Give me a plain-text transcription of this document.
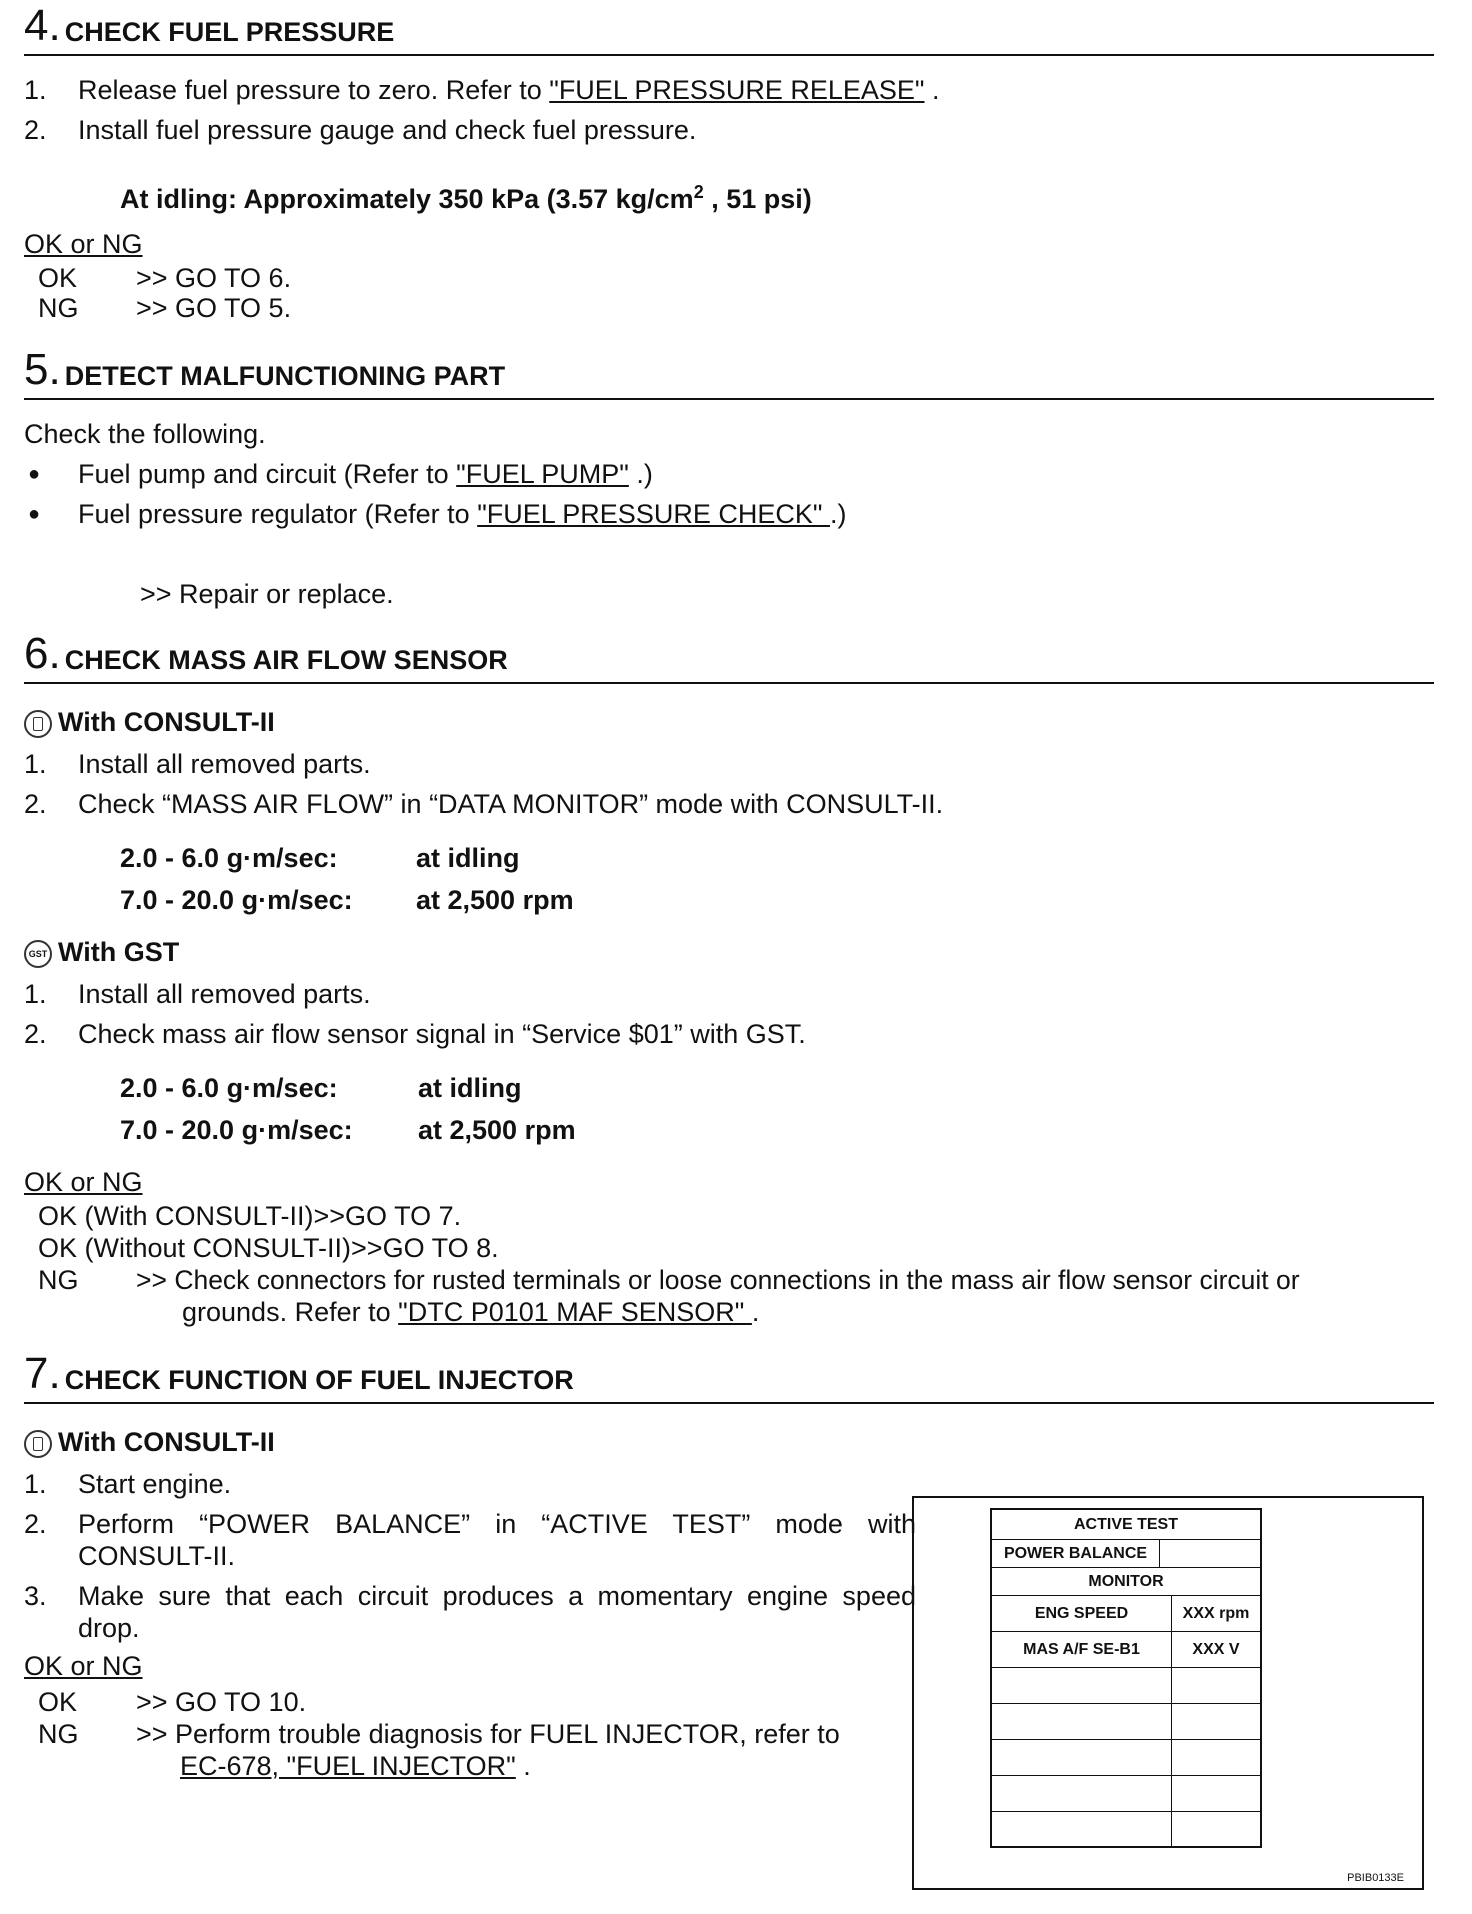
4. CHECK FUEL PRESSURE
1.	Release fuel pressure to zero. Refer to "FUEL PRESSURE RELEASE" .
2.	Install fuel pressure gauge and check fuel pressure.
At idling: Approximately 350 kPa (3.57 $kg/cm^2$ , 51 psi)
OK or NG
OK >> GO TO 6.
NG >> GO TO 5.
5. DETECT MALFUNCTIONING PART
Check the following.
● Fuel pump and circuit (Refer to "FUEL PUMP" .)
● Fuel pressure regulator (Refer to "FUEL PRESSURE CHECK" .)
>> Repair or replace.
6. CHECK MASS AIR FLOW SENSOR
With CONSULT-II
1.	Install all removed parts.
2.	Check “MASS AIR FLOW” in “DATA MONITOR” mode with CONSULT-II.
2.0 - 6.0 g·m/sec:	at idling
7.0 - 20.0 g·m/sec: at 2,500 rpm
GST With GST
1.	Install all removed parts.
2.	Check mass air flow sensor signal in “Service $01” with GST.
2.0 - 6.0 g·m/sec:	at idling
7.0 - 20.0 g·m/sec: at 2,500 rpm
OK or NG
OK (With CONSULT-II)>>GO TO 7.
OK (Without CONSULT-II)>>GO TO 8.
NG >> Check connectors for rusted terminals or loose connections in the mass air flow sensor circuit or
grounds. Refer to "DTC P0101 MAF SENSOR" .
7. CHECK FUNCTION OF FUEL INJECTOR
With CONSULT-II
1.	Start engine.
2.	Perform “POWER BALANCE” in “ACTIVE TEST” mode with CONSULT-II.
3.	Make sure that each circuit produces a momentary engine speed drop.
OK or NG
OK >> GO TO 10.
NG >> Perform trouble diagnosis for FUEL INJECTOR, refer to
EC-678, "FUEL INJECTOR" .
ACTIVE TEST
POWER BALANCE
MONITOR
ENG SPEED	XXX rpm
MAS A/F SE-B1	XXX V
PBIB0133E
